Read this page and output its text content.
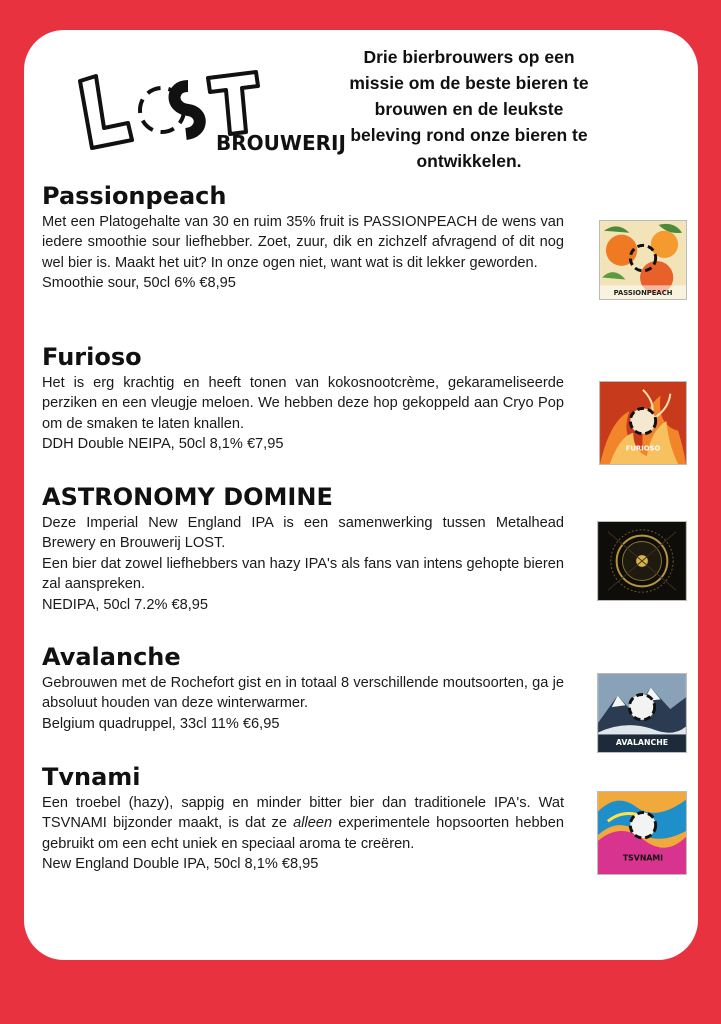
BROUWERIJ
Drie bierbrouwers op een missie om de beste bieren te brouwen en de leukste beleving rond onze bieren te ontwikkelen.
Passionpeach

Met een Platogehalte van 30 en ruim 35% fruit is PASSIONPEACH de wens van iedere smoothie sour liefhebber. Zoet, zuur, dik en zichzelf afvragend of dit nog wel bier is. Maakt het uit? In onze ogen niet, want wat is dit lekker geworden.

Smoothie sour, 50cl 6% €8,95

PASSIONPEACH
Furioso

Het is erg krachtig en heeft tonen van kokosnootcrème, gekarameliseerde perziken en een vleugje meloen. We hebben deze hop gekoppeld aan Cryo Pop om de smaken te laten knallen.

DDH Double NEIPA, 50cl 8,1% €7,95	FURIOSO
ASTRONOMY DOMINE

Deze Imperial New England IPA is een samenwerking tussen Metalhead Brewery en Brouwerij LOST.

Een bier dat zowel liefhebbers van hazy IPA's als fans van intens gehopte bieren zal aanspreken.

NEDIPA, 50cl 7.2% €8,95

Avalanche

Gebrouwen met de Rochefort gist en in totaal 8 verschillende moutsoorten, ga je absoluut houden van deze winterwarmer.

Belgium quadruppel, 33cl 11% €6,95

AVALANCHE
Tvnami

Een troebel (hazy), sappig en minder bitter bier dan traditionele IPA's. Wat TSVNAMI bijzonder maakt, is dat ze alleen experimentele hopsoorten hebben gebruikt om een echt uniek en speciaal aroma te creëren.

New England Double IPA, 50cl 8,1% €8,95	TSVNAMI
